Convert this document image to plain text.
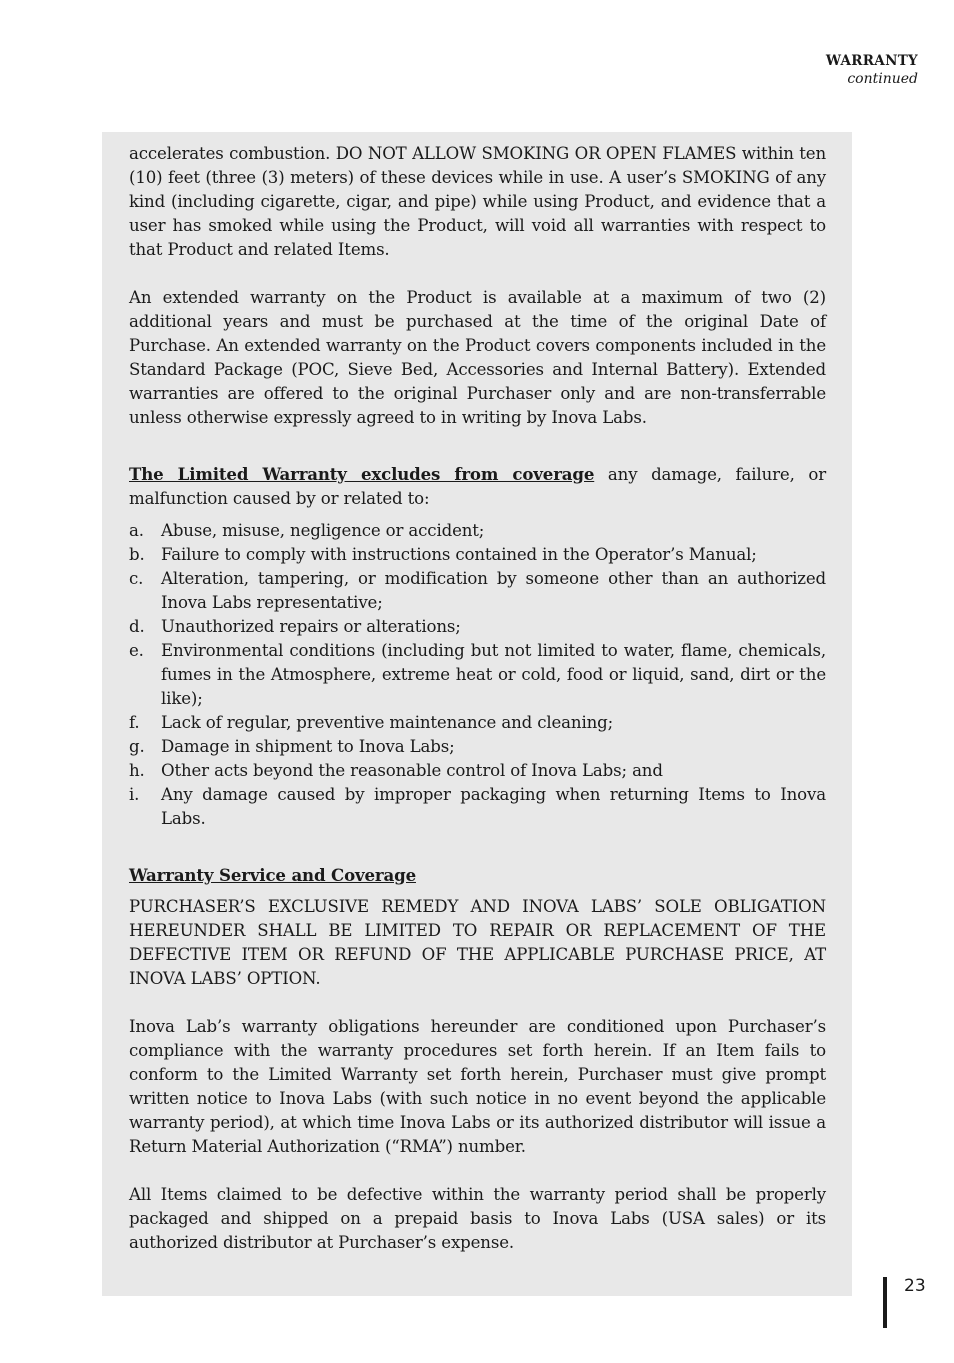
WARRANTY
continued

accelerates combustion. DO NOT ALLOW SMOKING OR OPEN FLAMES within ten (10) feet (three (3) meters) of these devices while in use. A user’s SMOKING of any kind (including cigarette, cigar, and pipe) while using Product, and evidence that a user has smoked while using the Product, will void all warranties with respect to that Product and related Items.

An extended warranty on the Product is available at a maximum of two (2) additional years and must be purchased at the time of the original Date of Purchase. An extended warranty on the Product covers components included in the Standard Package (POC, Sieve Bed, Accessories and Internal Battery). Extended warranties are offered to the original Purchaser only and are non-transferrable unless otherwise expressly agreed to in writing by Inova Labs.

The Limited Warranty excludes from coverage any damage, failure, or malfunction caused by or related to:

a.	Abuse, misuse, negligence or accident;
b. Failure to comply with instructions contained in the Operator’s Manual;
c.	Alteration, tampering, or modification by someone other than an authorized Inova Labs representative;
d. Unauthorized repairs or alterations;
e.	Environmental conditions (including but not limited to water, flame, chemicals, fumes in the Atmosphere, extreme heat or cold, food or liquid, sand, dirt or the like);
f.	Lack of regular, preventive maintenance and cleaning;
g. Damage in shipment to Inova Labs;
h. Other acts beyond the reasonable control of Inova Labs; and
i.	Any damage caused by improper packaging when returning Items to Inova Labs.
Warranty Service and Coverage

PURCHASER’S EXCLUSIVE REMEDY AND INOVA LABS’ SOLE OBLIGATION HEREUNDER SHALL BE LIMITED TO REPAIR OR REPLACEMENT OF THE DEFECTIVE ITEM OR REFUND OF THE APPLICABLE PURCHASE PRICE, AT INOVA LABS’ OPTION.

Inova Lab’s warranty obligations hereunder are conditioned upon Purchaser’s compliance with the warranty procedures set forth herein. If an Item fails to conform to the Limited Warranty set forth herein, Purchaser must give prompt written notice to Inova Labs (with such notice in no event beyond the applicable warranty period), at which time Inova Labs or its authorized distributor will issue a Return Material Authorization (“RMA”) number.

All Items claimed to be defective within the warranty period shall be properly packaged and shipped on a prepaid basis to Inova Labs (USA sales) or its authorized distributor at Purchaser’s expense.

23
